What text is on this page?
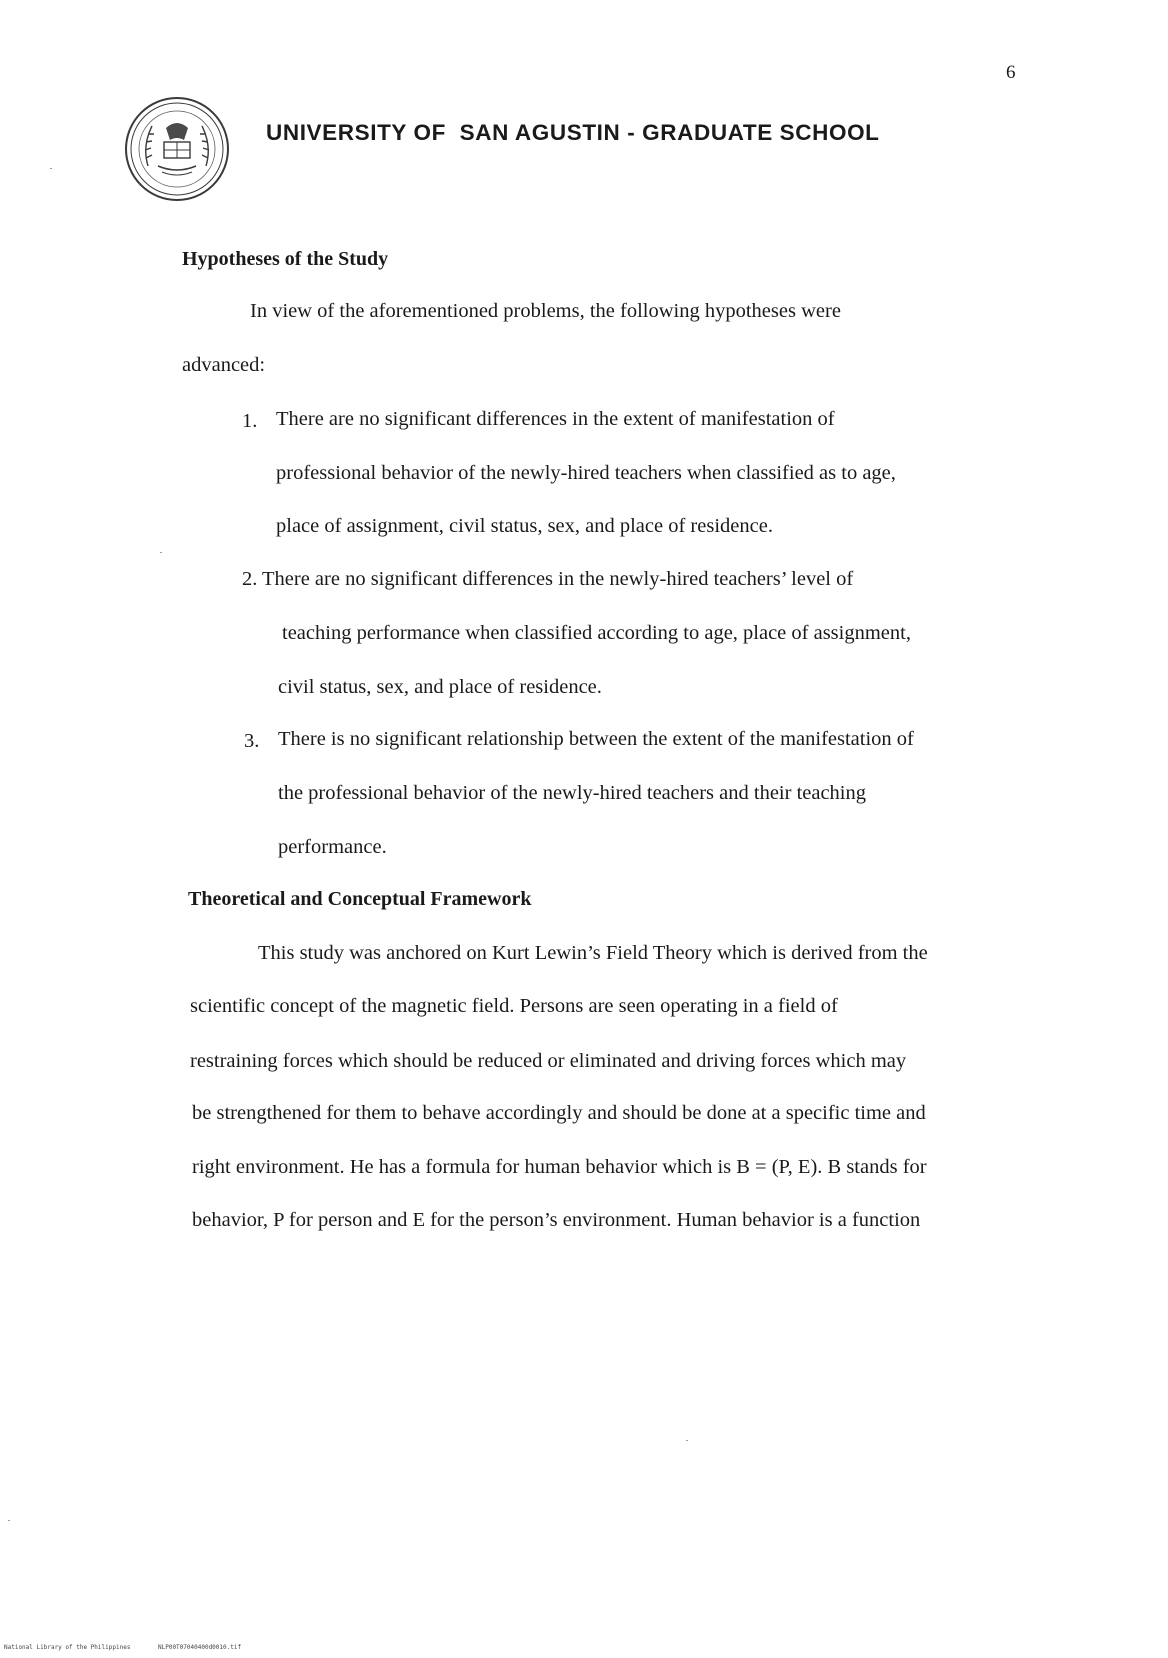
6
UNIVERSITY OF  SAN AGUSTIN - GRADUATE SCHOOL
Hypotheses of the Study
In view of the aforementioned problems, the following hypotheses were
advanced:
1. There are no significant differences in the extent of manifestation of
professional behavior of the newly-hired teachers when classified as to age,
place of assignment, civil status, sex, and place of residence.
2. There are no significant differences in the newly-hired teachers’ level of
teaching performance when classified according to age, place of assignment,
civil status, sex, and place of residence.
3. There is no significant relationship between the extent of the manifestation of
the professional behavior of the newly-hired teachers and their teaching
performance.
Theoretical and Conceptual Framework
This study was anchored on Kurt Lewin’s Field Theory which is derived from the
scientific concept of the magnetic field. Persons are seen operating in a field of
restraining forces which should be reduced or eliminated and driving forces which may
be strengthened for them to behave accordingly and should be done at a specific time and
right environment. He has a formula for human behavior which is B = (P, E). B stands for
behavior, P for person and E for the person’s environment. Human behavior is a function
National Library of the Philippines	NLP00T07040400d0010.tif
